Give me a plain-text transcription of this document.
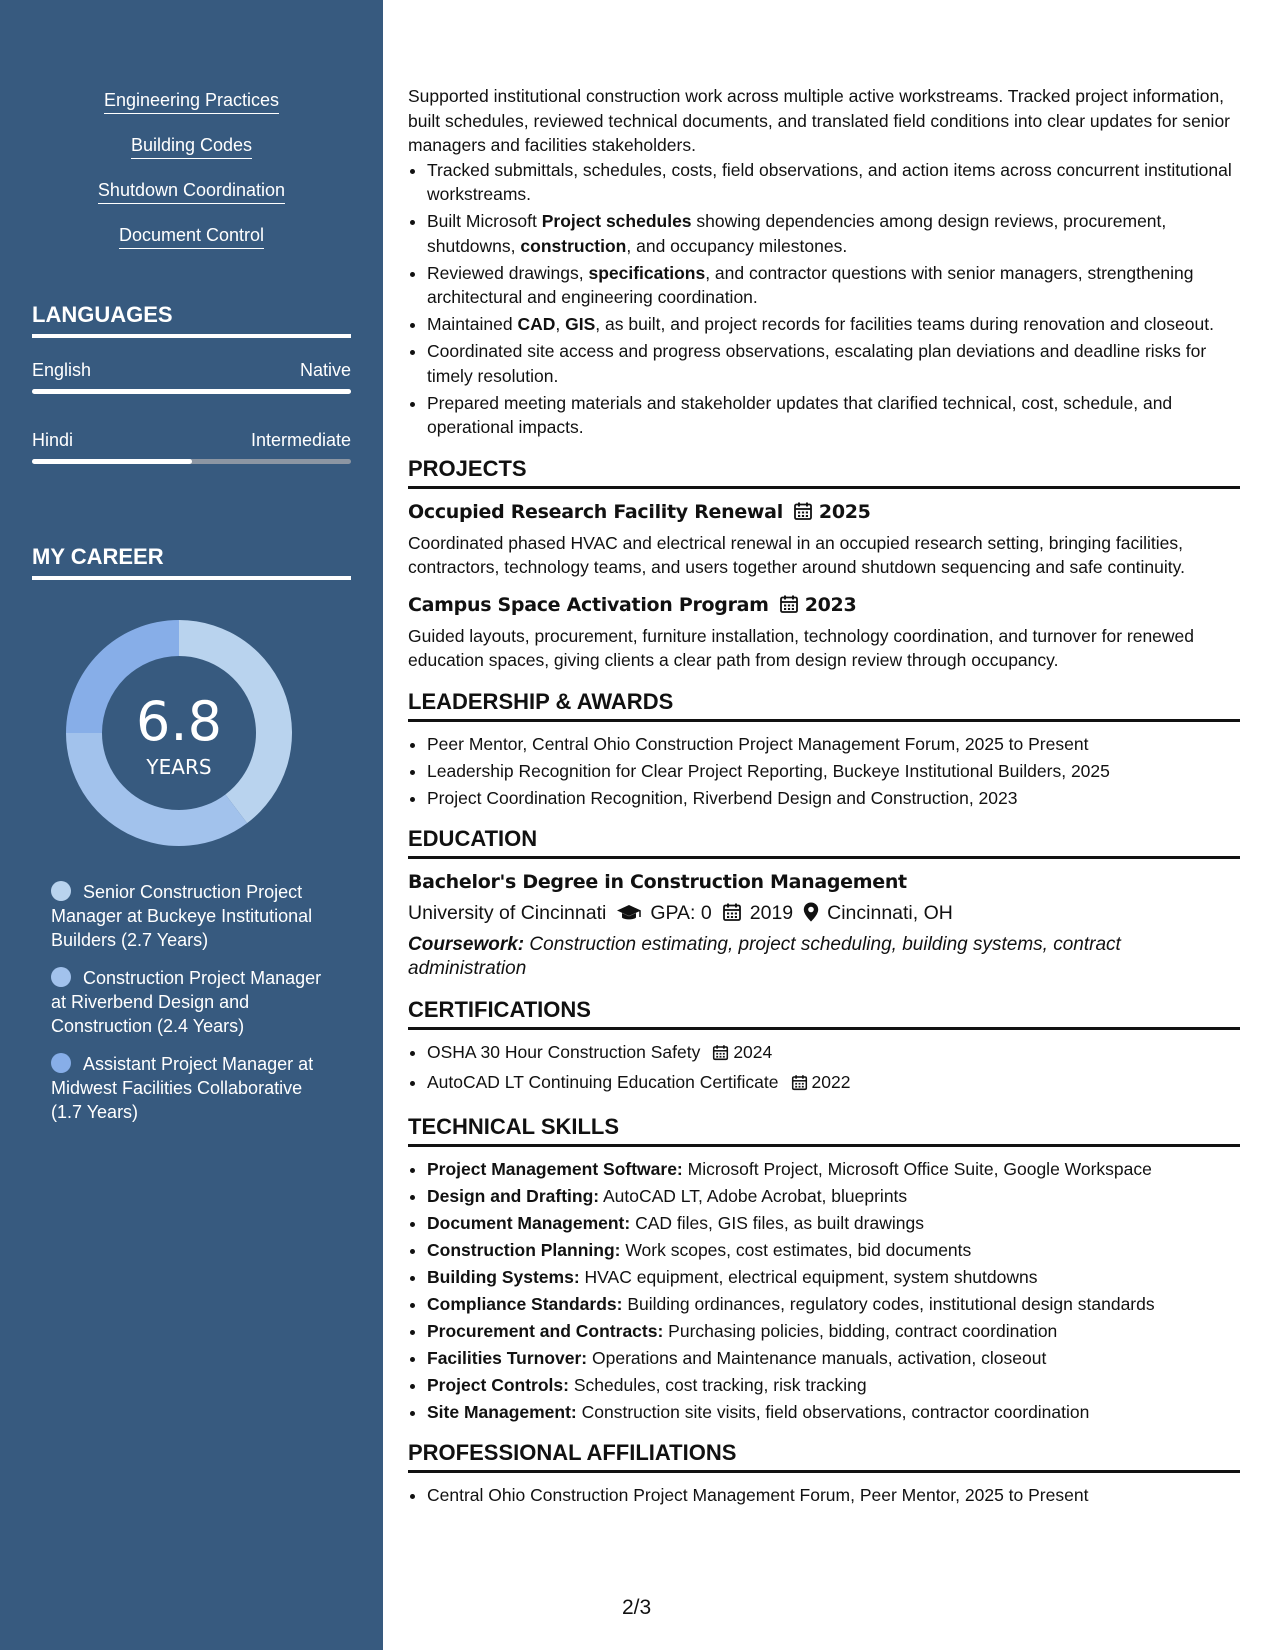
Engineering Practices
Building Codes
Shutdown Coordination
Document Control
LANGUAGES
English	Native
Hindi	Intermediate
MY CAREER
6.8
YEARS
Senior Construction Project Manager at Buckeye Institutional Builders (2.7 Years)
Construction Project Manager at Riverbend Design and Construction (2.4 Years)
Assistant Project Manager at Midwest Facilities Collaborative (1.7 Years)

Supported institutional construction work across multiple active workstreams. Tracked project information, built schedules, reviewed technical documents, and translated field conditions into clear updates for senior managers and facilities stakeholders.

• Tracked submittals, schedules, costs, field observations, and action items across concurrent institutional workstreams.
• Built Microsoft Project schedules showing dependencies among design reviews, procurement, shutdowns, construction, and occupancy milestones.
• Reviewed drawings, specifications, and contractor questions with senior managers, strengthening architectural and engineering coordination.
• Maintained CAD, GIS, as built, and project records for facilities teams during renovation and closeout.
• Coordinated site access and progress observations, escalating plan deviations and deadline risks for timely resolution.
• Prepared meeting materials and stakeholder updates that clarified technical, cost, schedule, and operational impacts.
PROJECTS
Occupied Research Facility Renewal 2025

Coordinated phased HVAC and electrical renewal in an occupied research setting, bringing facilities, contractors, technology teams, and users together around shutdown sequencing and safe continuity.

Campus Space Activation Program 2023

Guided layouts, procurement, furniture installation, technology coordination, and turnover for renewed education spaces, giving clients a clear path from design review through occupancy.

LEADERSHIP & AWARDS
• Peer Mentor, Central Ohio Construction Project Management Forum, 2025 to Present
• Leadership Recognition for Clear Project Reporting, Buckeye Institutional Builders, 2025
• Project Coordination Recognition, Riverbend Design and Construction, 2023
EDUCATION
Bachelor's Degree in Construction Management
University of Cincinnati GPA: 0 2019 Cincinnati, OH
Coursework: Construction estimating, project scheduling, building systems, contract administration
CERTIFICATIONS
• OSHA 30 Hour Construction Safety 2024
• AutoCAD LT Continuing Education Certificate 2022
TECHNICAL SKILLS
• Project Management Software: Microsoft Project, Microsoft Office Suite, Google Workspace
• Design and Drafting: AutoCAD LT, Adobe Acrobat, blueprints
• Document Management: CAD files, GIS files, as built drawings
• Construction Planning: Work scopes, cost estimates, bid documents
• Building Systems: HVAC equipment, electrical equipment, system shutdowns
• Compliance Standards: Building ordinances, regulatory codes, institutional design standards
• Procurement and Contracts: Purchasing policies, bidding, contract coordination
• Facilities Turnover: Operations and Maintenance manuals, activation, closeout
• Project Controls: Schedules, cost tracking, risk tracking
• Site Management: Construction site visits, field observations, contractor coordination
PROFESSIONAL AFFILIATIONS
• Central Ohio Construction Project Management Forum, Peer Mentor, 2025 to Present
2/3
